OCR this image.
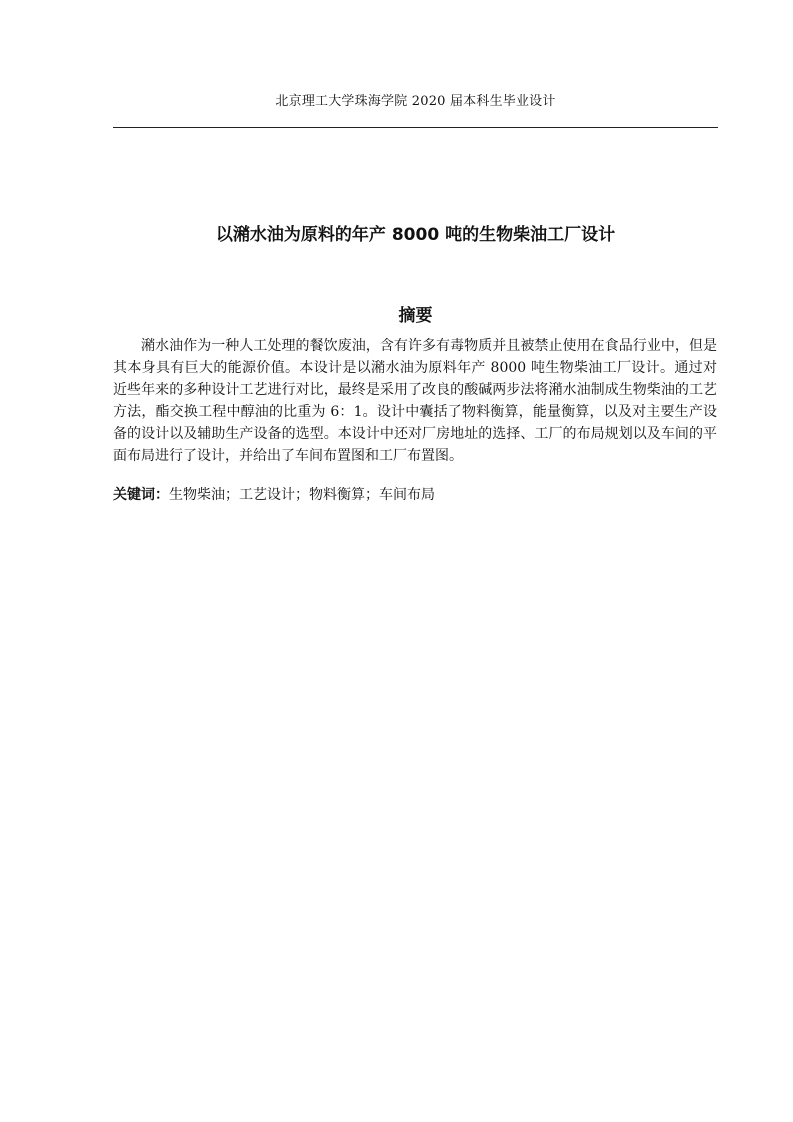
北京理工大学珠海学院 2020 届本科生毕业设计
以潲水油为原料的年产 8000 吨的生物柴油工厂设计
摘要

潲水油作为一种人工处理的餐饮废油，含有许多有毒物质并且被禁止使用在食品行业中，但是其本身具有巨大的能源价值。本设计是以潲水油为原料年产 8000 吨生物柴油工厂设计。通过对近些年来的多种设计工艺进行对比，最终是采用了改良的酸碱两步法将潲水油制成生物柴油的工艺方法，酯交换工程中醇油的比重为 6：1。设计中囊括了物料衡算，能量衡算，以及对主要生产设备的设计以及辅助生产设备的选型。本设计中还对厂房地址的选择、工厂的布局规划以及车间的平面布局进行了设计，并给出了车间布置图和工厂布置图。

关键词：生物柴油；工艺设计；物料衡算；车间布局
